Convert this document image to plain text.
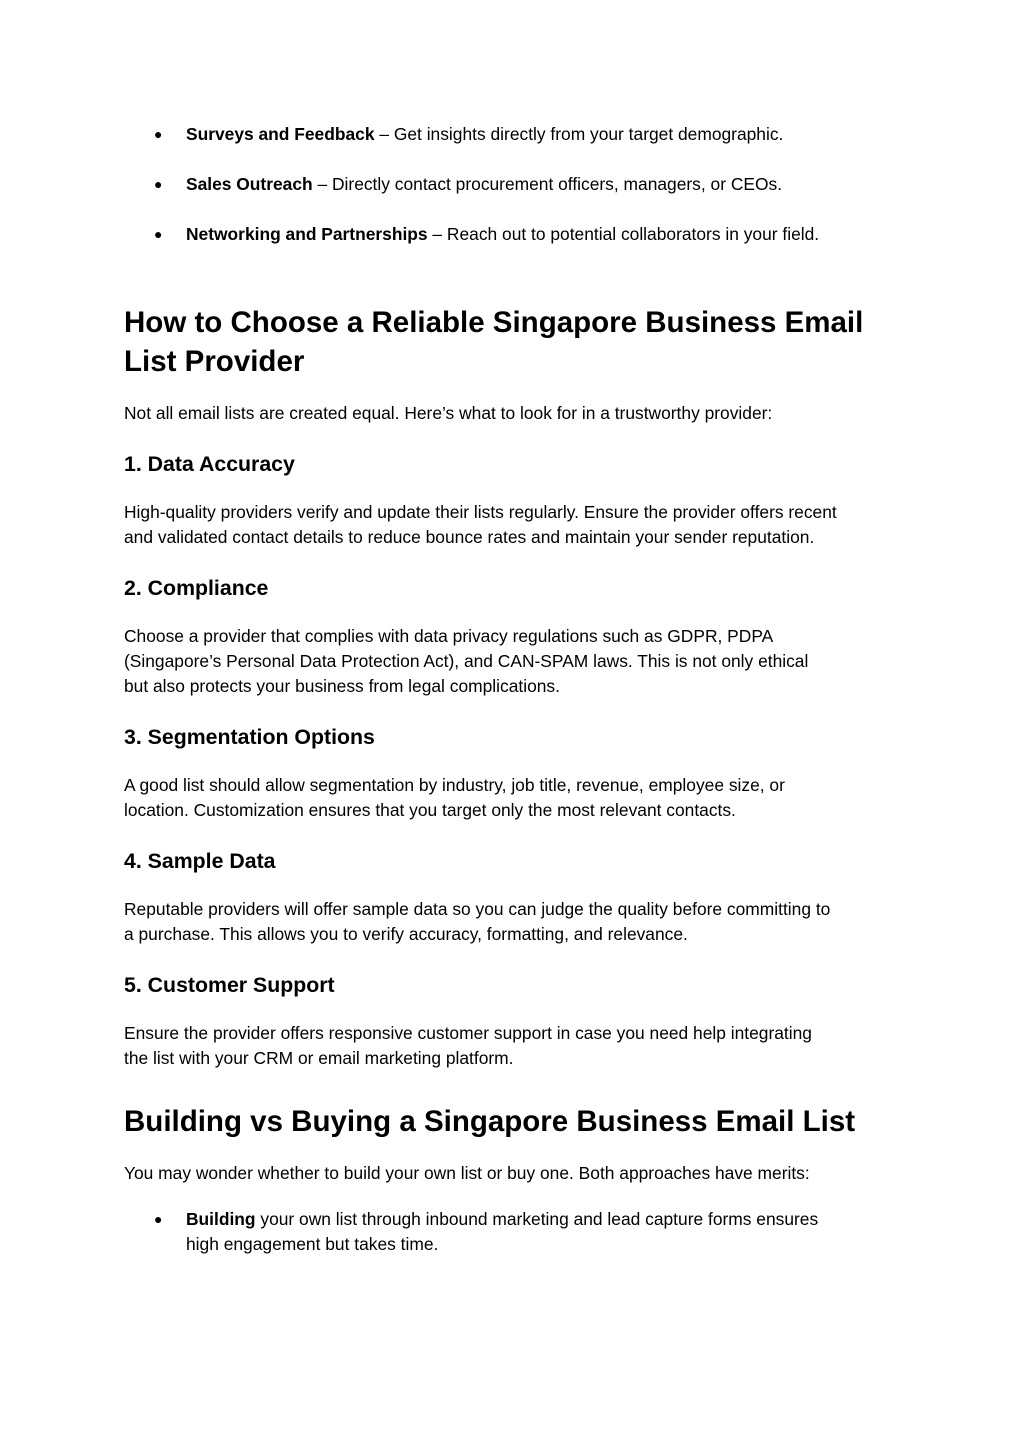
● Surveys and Feedback – Get insights directly from your target demographic.
● Sales Outreach – Directly contact procurement officers, managers, or CEOs.
● Networking and Partnerships – Reach out to potential collaborators in your field.
How to Choose a Reliable Singapore Business Email
List Provider

Not all email lists are created equal. Here’s what to look for in a trustworthy provider:

1. Data Accuracy

High-quality providers verify and update their lists regularly. Ensure the provider offers recent
and validated contact details to reduce bounce rates and maintain your sender reputation.

2. Compliance

Choose a provider that complies with data privacy regulations such as GDPR, PDPA
(Singapore’s Personal Data Protection Act), and CAN-SPAM laws. This is not only ethical
but also protects your business from legal complications.

3. Segmentation Options

A good list should allow segmentation by industry, job title, revenue, employee size, or
location. Customization ensures that you target only the most relevant contacts.

4. Sample Data

Reputable providers will offer sample data so you can judge the quality before committing to
a purchase. This allows you to verify accuracy, formatting, and relevance.

5. Customer Support

Ensure the provider offers responsive customer support in case you need help integrating
the list with your CRM or email marketing platform.

Building vs Buying a Singapore Business Email List

You may wonder whether to build your own list or buy one. Both approaches have merits:

● Building your own list through inbound marketing and lead capture forms ensures
high engagement but takes time.
